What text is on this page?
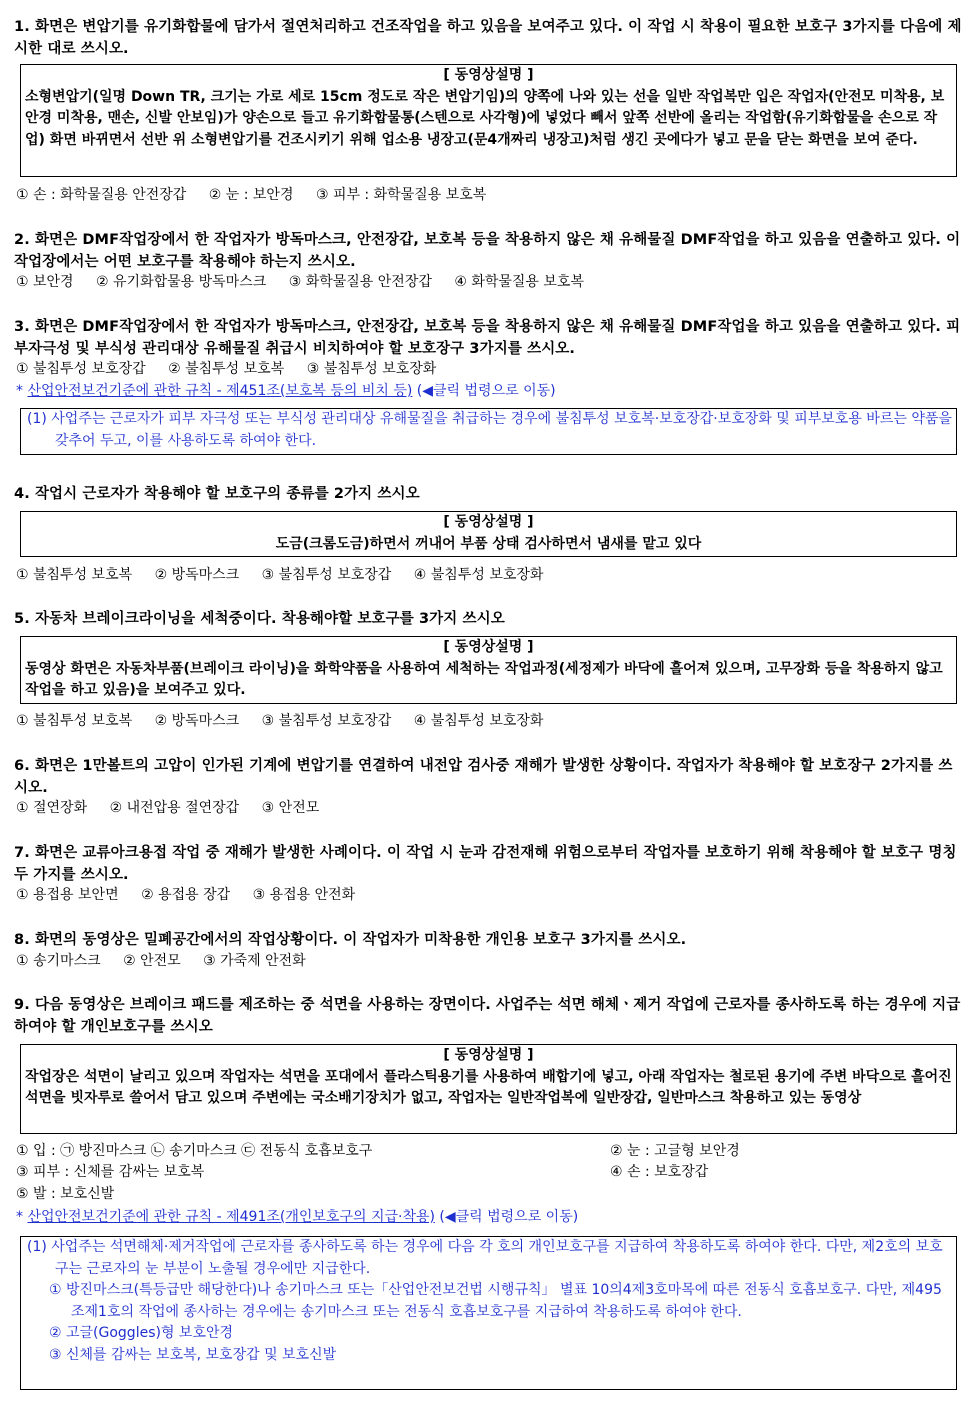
1. 화면은 변압기를 유기화합물에 담가서 절연처리하고 건조작업을 하고 있음을 보여주고 있다. 이 작업 시 착용이 필요한 보호구 3가지를 다음에 제시한 대로 쓰시오.
[ 동영상설명 ]
소형변압기(일명 Down TR, 크기는 가로 세로 15cm 정도로 작은 변압기임)의 양쪽에 나와 있는 선을 일반 작업복만 입은 작업자(안전모 미착용, 보안경 미착용, 맨손, 신발 안보임)가 양손으로 들고 유기화합물통(스텐으로 사각형)에 넣었다 빼서 앞쪽 선반에 올리는 작업함(유기화합물을 손으로 작업) 화면 바뀌면서 선반 위 소형변압기를 건조시키기 위해 업소용 냉장고(문4개짜리 냉장고)처럼 생긴 곳에다가 넣고 문을 닫는 화면을 보여 준다.
① 손 : 화학물질용 안전장갑 ② 눈 : 보안경 ③ 피부 : 화학물질용 보호복
2. 화면은 DMF작업장에서 한 작업자가 방독마스크, 안전장갑, 보호복 등을 착용하지 않은 채 유해물질 DMF작업을 하고 있음을 연출하고 있다. 이 작업장에서는 어떤 보호구를 착용해야 하는지 쓰시오.
① 보안경 ② 유기화합물용 방독마스크 ③ 화학물질용 안전장갑 ④ 화학물질용 보호복
3. 화면은 DMF작업장에서 한 작업자가 방독마스크, 안전장갑, 보호복 등을 착용하지 않은 채 유해물질 DMF작업을 하고 있음을 연출하고 있다. 피부자극성 및 부식성 관리대상 유해물질 취급시 비치하여야 할 보호장구 3가지를 쓰시오.
① 불침투성 보호장갑 ② 불침투성 보호복 ③ 불침투성 보호장화
* 산업안전보건기준에 관한 규칙 - 제451조(보호복 등의 비치 등) (◀클릭 법령으로 이동)
(1) 사업주는 근로자가 피부 자극성 또는 부식성 관리대상 유해물질을 취급하는 경우에 불침투성 보호복·보호장갑·보호장화 및 피부보호용 바르는 약품을 갖추어 두고, 이를 사용하도록 하여야 한다.
4. 작업시 근로자가 착용해야 할 보호구의 종류를 2가지 쓰시오
[ 동영상설명 ]
도금(크롬도금)하면서 꺼내어 부품 상태 검사하면서 냄새를 맡고 있다
① 불침투성 보호복 ② 방독마스크 ③ 불침투성 보호장갑 ④ 불침투성 보호장화
5. 자동차 브레이크라이닝을 세척중이다. 착용해야할 보호구를 3가지 쓰시오
[ 동영상설명 ]
동영상 화면은 자동차부품(브레이크 라이닝)을 화학약품을 사용하여 세척하는 작업과정(세정제가 바닥에 흘어져 있으며, 고무장화 등을 착용하지 않고 작업을 하고 있음)을 보여주고 있다.
① 불침투성 보호복 ② 방독마스크 ③ 불침투성 보호장갑 ④ 불침투성 보호장화
6. 화면은 1만볼트의 고압이 인가된 기계에 변압기를 연결하여 내전압 검사중 재해가 발생한 상황이다. 작업자가 착용해야 할 보호장구 2가지를 쓰시오.
① 절연장화 ② 내전압용 절연장갑 ③ 안전모
7. 화면은 교류아크용접 작업 중 재해가 발생한 사례이다. 이 작업 시 눈과 감전재해 위험으로부터 작업자를 보호하기 위해 착용해야 할 보호구 명칭 두 가지를 쓰시오.
① 용접용 보안면 ② 용접용 장갑 ③ 용접용 안전화
8. 화면의 동영상은 밀폐공간에서의 작업상황이다. 이 작업자가 미착용한 개인용 보호구 3가지를 쓰시오.
① 송기마스크 ② 안전모 ③ 가죽제 안전화
9. 다음 동영상은 브레이크 패드를 제조하는 중 석면을 사용하는 장면이다. 사업주는 석면 해체ㆍ제거 작업에 근로자를 종사하도록 하는 경우에 지급하여야 할 개인보호구를 쓰시오
[ 동영상설명 ]
작업장은 석면이 날리고 있으며 작업자는 석면을 포대에서 플라스틱용기를 사용하여 배합기에 넣고, 아래 작업자는 철로된 용기에 주변 바닥으로 흘어진 석면을 빗자루로 쓸어서 담고 있으며 주변에는 국소배기장치가 없고, 작업자는 일반작업복에 일반장갑, 일반마스크 착용하고 있는 동영상
① 입 : ㉠ 방진마스크 ㉡ 송기마스크 ㉢ 전동식 호흡보호구	② 눈 : 고글형 보안경
③ 피부 : 신체를 감싸는 보호복	④ 손 : 보호장갑
⑤ 발 : 보호신발
* 산업안전보건기준에 관한 규칙 - 제491조(개인보호구의 지급·착용) (◀클릭 법령으로 이동)
(1) 사업주는 석면해체·제거작업에 근로자를 종사하도록 하는 경우에 다음 각 호의 개인보호구를 지급하여 착용하도록 하여야 한다. 다만, 제2호의 보호구는 근로자의 눈 부분이 노출될 경우에만 지급한다.
① 방진마스크(특등급만 해당한다)나 송기마스크 또는「산업안전보건법 시행규칙」 별표 10의4제3호마목에 따른 전동식 호흡보호구. 다만, 제495조제1호의 작업에 종사하는 경우에는 송기마스크 또는 전동식 호흡보호구를 지급하여 착용하도록 하여야 한다.
② 고글(Goggles)형 보호안경
③ 신체를 감싸는 보호복, 보호장갑 및 보호신발
